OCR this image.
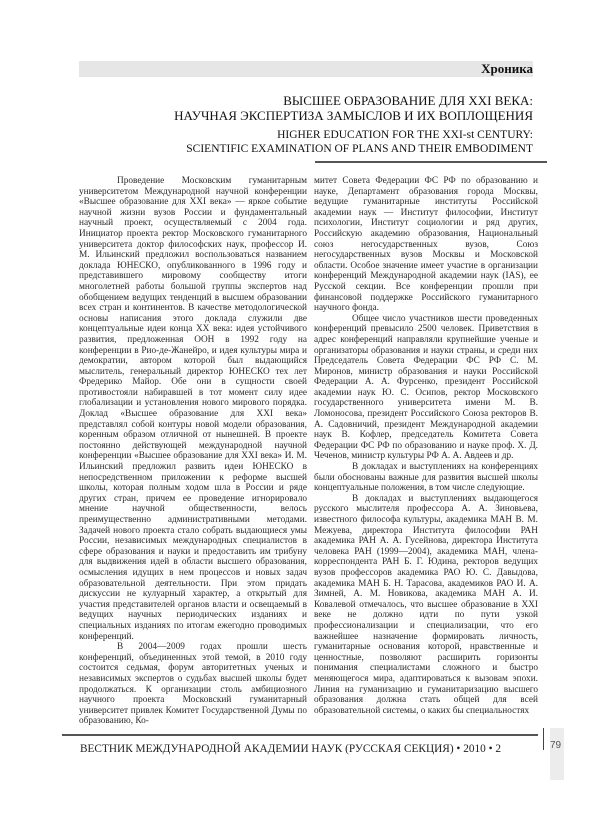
Хроника
ВЫСШЕЕ ОБРАЗОВАНИЕ ДЛЯ XXI ВЕКА:
НАУЧНАЯ ЭКСПЕРТИЗА ЗАМЫСЛОВ И ИХ ВОПЛОЩЕНИЯ
HIGHER EDUCATION FOR THE XXI-st CENTURY:
SCIENTIFIC EXAMINATION OF PLANS AND THEIR EMBODIMENT

Проведение Московским гуманитарным университетом Международной научной конференции «Высшее образование для XXI века» — яркое событие научной жизни вузов России и фундаментальный научный проект, осуществляемый с 2004 года. Инициатор проекта ректор Московского гуманитарного университета доктор философских наук, профессор И. М. Ильинский предложил воспользоваться названием доклада ЮНЕСКО, опубликованного в 1996 году и представившего мировому сообществу итоги многолетней работы большой группы экспертов над обобщением ведущих тенденций в высшем образовании всех стран и континентов. В качестве методологической основы написания этого доклада служили две концептуальные идеи конца XX века: идея устойчивого развития, предложенная ООН в 1992 году на конференции в Рио-де-Жанейро, и идея культуры мира и демократии, автором которой был выдающийся мыслитель, генеральный директор ЮНЕСКО тех лет Фредерико Майор. Обе они в сущности своей противостояли набиравшей в тот момент силу идее глобализации и установления нового мирового порядка. Доклад «Высшее образование для XXI века» представлял собой контуры новой модели образования, коренным образом отличной от нынешней. В проекте постоянно действующей международной научной конференции «Высшее образование для XXI века» И. М. Ильинский предложил развить идеи ЮНЕСКО в непосредственном приложении к реформе высшей школы, которая полным ходом шла в России и ряде других стран, причем ее проведение игнорировало мнение научной общественности, велось преимущественно административными методами. Задачей нового проекта стало собрать выдающиеся умы России, независимых международных специалистов в сфере образования и науки и предоставить им трибуну для выдвижения идей в области высшего образования, осмысления идущих в нем процессов и новых задач образовательной деятельности. При этом придать дискуссии не кулуарный характер, а открытый для участия представителей органов власти и освещаемый в ведущих научных периодических изданиях и специальных изданиях по итогам ежегодно проводимых конференций.

В 2004—2009 годах прошли шесть конференций, объединенных этой темой, в 2010 году состоится седьмая, форум авторитетных ученых и независимых экспертов о судьбах высшей школы будет продолжаться. К организации столь амбициозного научного проекта Московский гуманитарный университет привлек Комитет Государственной Думы по образованию, Ко-

митет Совета Федерации ФС РФ по образованию и науке, Департамент образования города Москвы, ведущие гуманитарные институты Российской академии наук — Институт философии, Институт психологии, Институт социологии и ряд других, Российскую академию образования, Национальный союз негосударственных вузов, Союз негосударственных вузов Москвы и Московской области. Особое значение имеет участие в организации конференций Международной академии наук (IAS), ее Русской секции. Все конференции прошли при финансовой поддержке Российского гуманитарного научного фонда.

Общее число участников шести проведенных конференций превысило 2500 человек. Приветствия в адрес конференций направляли крупнейшие ученые и организаторы образования и науки страны, и среди них Председатель Совета Федерации ФС РФ С. М. Миронов, министр образования и науки Российской Федерации А. А. Фурсенко, президент Российской академии наук Ю. С. Осипов, ректор Московского государственного университета имени М. В. Ломоносова, президент Российского Союза ректоров В. А. Садовничий, президент Международной академии наук В. Кофлер, председатель Комитета Совета Федерации ФС РФ по образованию и науке проф. Х. Д. Чеченов, министр культуры РФ А. А. Авдеев и др.

В докладах и выступлениях на конференциях были обоснованы важные для развития высшей школы концептуальные положения, в том числе следующие.

В докладах и выступлениях выдающегося русского мыслителя профессора А. А. Зиновьева, известного философа культуры, академика МАН В. М. Межуева, директора Института философии РАН академика РАН А. А. Гусейнова, директора Института человека РАН (1999—2004), академика МАН, члена-корреспондента РАН Б. Г. Юдина, ректоров ведущих вузов профессоров академика РАО Ю. С. Давыдова, академика МАН Б. Н. Тарасова, академиков РАО И. А. Зимней, А. М. Новикова, академика МАН А. И. Ковалевой отмечалось, что высшее образование в XXI веке не должно идти по пути узкой профессионализации и специализации, что его важнейшее назначение формировать личность, гуманитарные основания которой, нравственные и ценностные, позволяют расширить горизонты понимания специалистами сложного и быстро меняющегося мира, адаптироваться к вызовам эпохи. Линия на гуманизацию и гуманитаризацию высшего образования должна стать общей для всей образовательной системы, о каких бы специальностях

ВЕСТНИК МЕЖДУНАРОДНОЙ АКАДЕМИИ НАУК (РУССКАЯ СЕКЦИЯ) • 2010 • 2	79
